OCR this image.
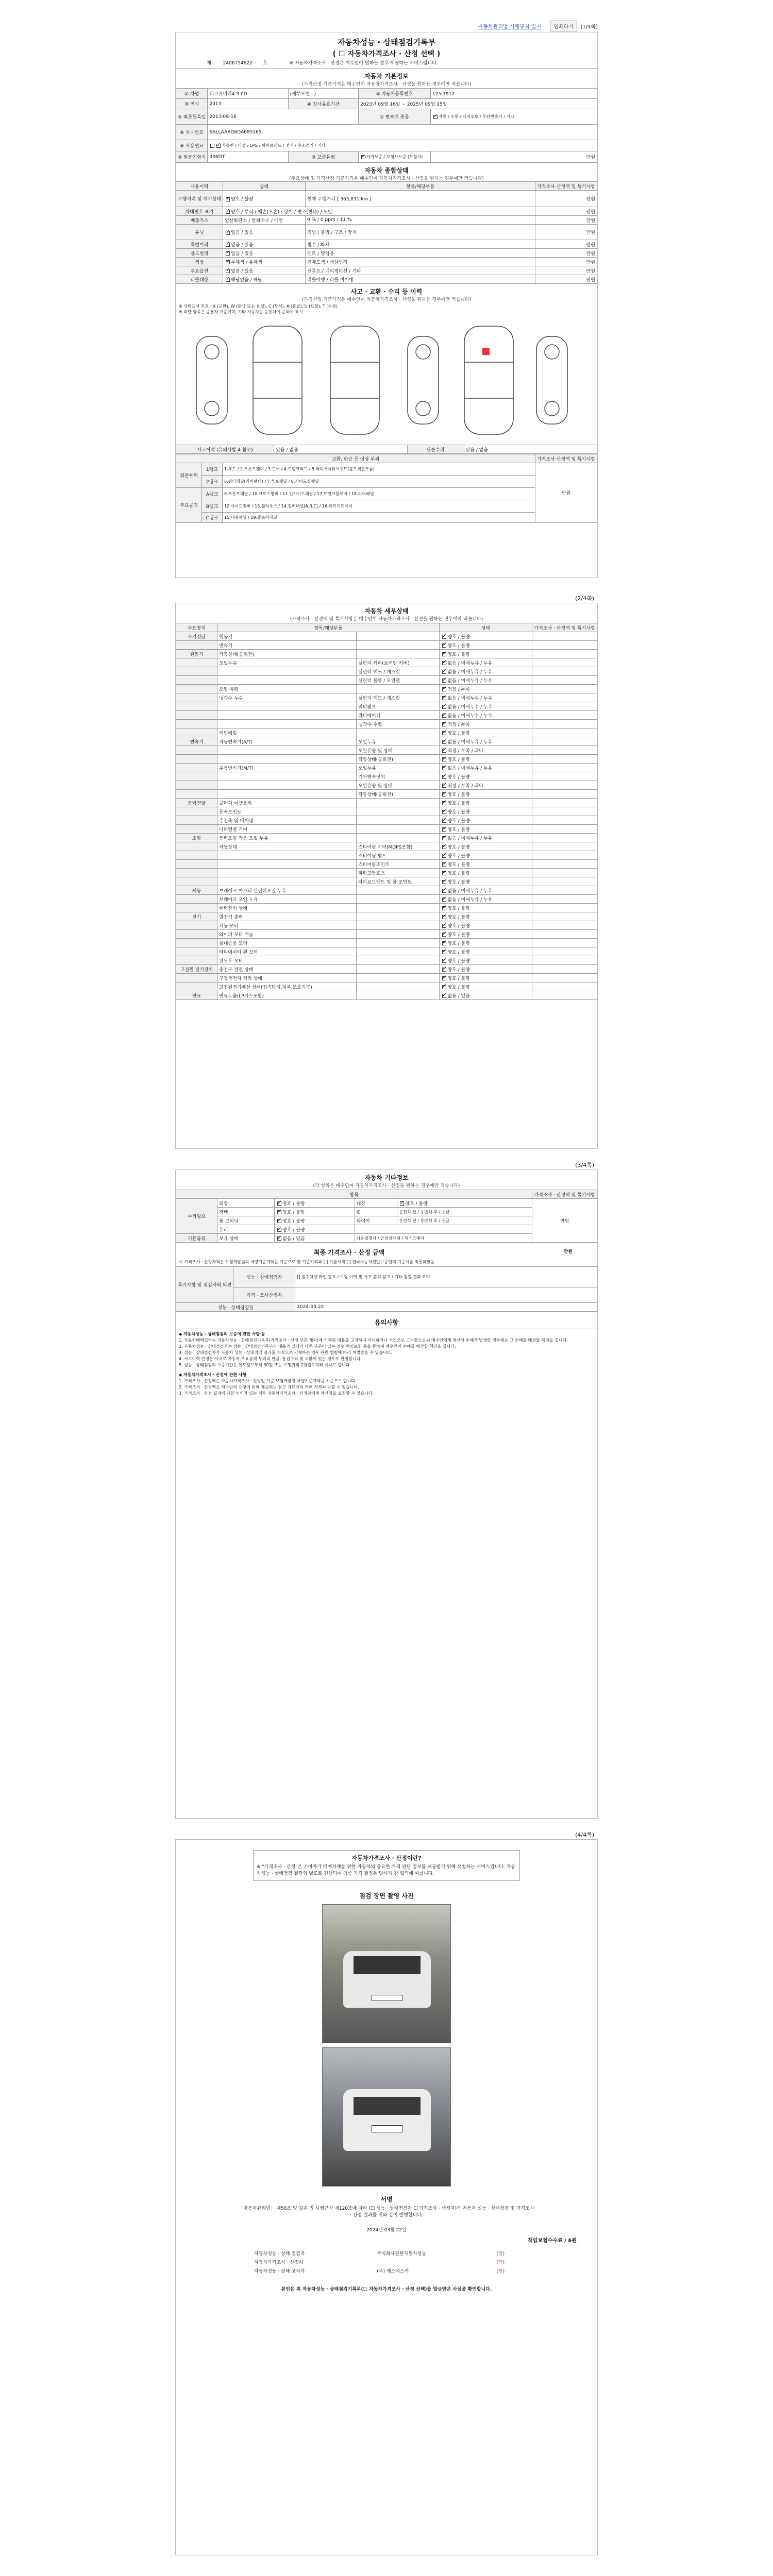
자동차관리법 시행규칙 별지	인쇄하기	(1/4쪽)
자동차성능 · 상태점검기록부
( ☐ 자동차가격조사 · 산정 선택 )
제	2406754622 호	※ 자동차가격조사 · 산정은 매수인이 원하는 경우 제공하는 서비스입니다.
자동차 기본정보
(가격산정 기준가격은 매수인이 자동차가격조사 · 산정을 원하는 경우에만 적습니다)
① 차명	디스커버리4 3.0D	(세부모델 : )	② 자동차등록번호	12도1912
③ 연식	2013	④ 검사유효기간	2023년 09월 16일 ~ 2025년 09월 15일	
⑤ 최초등록일	2013-09-16		⑦ 변속기 종류	✓자동 / 수동 / 세미오토 / 무단변속기 / 기타
⑥ 차대번호	SALLAAAG6DA685165			
⑧ 사용연료	✓가솔린 / 디젤 / LPG / 하이브리드 / 전기 / 수소전기 / 기타
⑨ 원동기형식	306DT	⑩ 보증유형	✓자가보증 / 보험사보증 (보험사)	만원
자동차 종합상태
(주요상태 및 가격산정 기준가격은 매수인이 자동차가격조사 · 산정을 원하는 경우에만 적습니다)
사용이력	상태	항목/해당부품	가격조사·산정액 및 특기사항
주행거리 및 계기상태	✓양호 / 불량	현재 주행거리 [ 363,831 km ]	만원
차대번호 표기	✓양호 / 부식 / 훼손(오손) / 상이 / 변조(변타) / 도말		만원
배출가스	일산화탄소 / 탄화수소 / 매연	0 % / 0 ppm / 11 %	만원
튜닝	✓없음 / 있음	적법 / 불법 / 구조 / 장치	만원
특별이력	✓없음 / 있음	침수 / 화재	만원
용도변경	✓없음 / 있음	렌트 / 영업용	만원
색상	✓무채색 / 유채색	전체도색 / 색상변경	만원
주요옵션	✓없음 / 있음	선루프 / 네비게이션 / 기타	만원
리콜대상	✓해당없음 / 해당	리콜이행 / 리콜 미이행	만원
사고 · 교환 · 수리 등 이력
(가격산정 기준가격은 매수인이 자동차가격조사 · 산정을 원하는 경우에만 적습니다)
※ 상태표시 부호 : X (교환), W (판금 또는 용접), C (부식), A (흠집), U (요철), T (손상)
※ 하단 항목은 승용차 기준이며, 기타 자동차는 승용차에 준하여 표시
사고이력 (유의사항 4 참조)	있음 / 없음	단순수리	있음 / 없음
교환, 판금 등 이상 부위			가격조사·산정액 및 특기사항
외판부위	1랭크	1.후드 / 2.프론트펜더 / 3.도어 / 4.트렁크리드 / 5.라디에이터서포트(볼트체결부품)	만원
	2랭크	6.쿼터패널(리어펜더) / 7.루프패널 / 8.사이드실패널	
주요골격	A랭크	9.프론트패널 / 10.크로스멤버 / 11.인사이드패널 / 17.트렁크플로어 / 18.리어패널	
	B랭크	12.사이드멤버 / 13.휠하우스 / 14.필러패널(A,B,C) / 16.패키지트레이	
	C랭크	15.대쉬패널 / 19.플로어패널	
(2/4쪽)
자동차 세부상태
(가격조사 · 산정액 및 특기사항은 매수인이 자동차가격조사 · 산정을 원하는 경우에만 적습니다)
주요장치	항목/해당부품		상태	가격조사 · 산정액 및 특기사항
자기진단	원동기		✓양호 / 불량	
	변속기		✓양호 / 불량	
원동기	작동상태(공회전)		✓양호 / 불량	
	오일누유	실린더 커버(로커암 커버)	✓없음 / 미세누유 / 누유	
		실린더 헤드 / 개스킷	✓없음 / 미세누유 / 누유	
		실린더 블록 / 오일팬	✓없음 / 미세누유 / 누유	
	오일 유량		✓적정 / 부족	
	냉각수 누수	실린더 헤드 / 개스킷	✓없음 / 미세누수 / 누수	
		워터펌프	✓없음 / 미세누수 / 누수	
		라디에이터	✓없음 / 미세누수 / 누수	
		냉각수 수량	✓적정 / 부족	
	커먼레일		✓양호 / 불량	
변속기	자동변속기(A/T)	오일누유	✓없음 / 미세누유 / 누유	
		오일유량 및 상태	✓적정 / 부족 / 과다	
		작동상태(공회전)	✓양호 / 불량	
	수동변속기(M/T)	오일누유	✓없음 / 미세누유 / 누유	
		기어변속장치	✓양호 / 불량	
		오일유량 및 상태	✓적정 / 부족 / 과다	
		작동상태(공회전)	✓양호 / 불량	
동력전달	클러치 어셈블리		✓양호 / 불량	
	등속조인트		✓양호 / 불량	
	추진축 및 베어링		✓양호 / 불량	
	디퍼렌셜 기어		✓양호 / 불량	
조향	동력조향 작동 오일 누유		✓없음 / 미세누유 / 누유	
	작동상태	스티어링 기어(MDPS포함)	✓양호 / 불량	
		스티어링 펌프	✓양호 / 불량	
		스티어링조인트	✓양호 / 불량	
		파워고압호스	✓양호 / 불량	
		타이로드엔드 및 볼 조인트	✓양호 / 불량	
제동	브레이크 마스터 실린더오일 누유		✓없음 / 미세누유 / 누유	
	브레이크 오일 누유		✓없음 / 미세누유 / 누유	
	배력장치 상태		✓양호 / 불량	
전기	발전기 출력		✓양호 / 불량	
	시동 모터		✓양호 / 불량	
	와이퍼 모터 기능		✓양호 / 불량	
	실내송풍 모터		✓양호 / 불량	
	라디에이터 팬 모터		✓양호 / 불량	
	윈도우 모터		✓양호 / 불량	
고전원 전기장치	충전구 절연 상태		✓양호 / 불량	
	구동축전지 격리 상태		✓양호 / 불량	
	고전원전기배선 상태(접속단자,피복,보호기구)		✓양호 / 불량	
연료	연료누출(LP가스포함)		✓없음 / 있음	
(3/4쪽)
자동차 기타정보
(각 항목은 매수인이 자동차가격조사 · 산정을 원하는 경우에만 적습니다)
항목					가격조사 · 산정액 및 특기사항
수리필요	외장	✓양호 / 불량	내장	✓양호 / 불량	만원
	광택	✓양호 / 불량	휠	운전석 전 / 동반석 후 / 응급	
	룸 크리닝	✓양호 / 불량	타이어	운전석 전 / 동반석 후 / 응급	
	유리	✓양호 / 불량	
기본품목	보유 상태	✓없음 / 있음	사용설명서 / 안전삼각대 / 잭 / 스패너		
최종 가격조사 · 산정 금액	만원
이 가격조사 · 산정가격은 보험개발원의 차량기준가액을 기준으로 한 기준가격과 [ ] 기술사회 [ ] 한국자동차진단보증협회 기준서를 적용하였음
특기사항 및 점검자의 의견	성능 · 상태점검자	[] 침수차량 확인 필요 / 보험 이력 및 사고 흔적 참고 / 기타 점검 결과 요약
	가격 · 조사산정자	
성능 · 상태점검일		2024-03-22
유의사항

◆ 자동차성능 · 상태점검의 보증에 관한 사항 등

1. 자동차매매업자는 자동차성능 · 상태점검기록부(가격조사 · 산정 부분 제외)에 기재된 내용을 고지하지 아니하거나 거짓으로 고지함으로써 매수인에게 재산상 손해가 발생한 경우에는 그 손해를 배상할 책임을 집니다.

2. 자동차성능 · 상태점검자는 성능 · 상태점검기록부의 내용과 실제가 다른 부분이 있는 경우 책임보험 등을 통하여 매수인의 손해를 배상할 책임을 집니다.

3. 성능 · 상태점검자가 자동차 성능 · 상태점검 결과를 거짓으로 기재하는 경우 관련 법령에 따라 처벌받을 수 있습니다.

4. 사고이력 인정은 사고로 자동차 주요골격 부위의 판금, 용접수리 및 교환이 있는 경우로 한정합니다.

5. 성능 · 상태점검의 보증기간은 인도일로부터 30일 또는 주행거리 2천킬로미터 이내로 합니다.

◆ 자동차가격조사 · 산정에 관한 사항

1. 가격조사 · 산정액은 자동차가격조사 · 산정일 기준 보험개발원 차량기준가액을 기준으로 합니다.

2. 가격조사 · 산정액은 매수인의 요청에 의해 제공되는 참고 자료이며 거래 가격과 다를 수 있습니다.

3. 가격조사 · 산정 결과에 대한 이의가 있는 경우 자동차가격조사 · 산정자에게 재산정을 요청할 수 있습니다.

(4/4쪽)
자동차가격조사 · 산정이란?
※ "가격조사 · 산정"은 소비자가 매매거래를 위한 자동차의 중요한 가격 판단 정보를 제공받기 위해 요청하는 서비스입니다. 자동차성능 · 상태점검 결과와 별도로 진행되며 최종 가격 결정은 당사자 간 협의에 따릅니다.
점검 장면 촬영 사진
서명
「자동차관리법」 제58조 및 같은 법 시행규칙 제120조에 따라 (☐ 성능 · 상태점검자 ☐ 가격조사 · 산정자)가 자동차 성능 · 상태점검 및 가격조사 · 산정 결과를 위와 같이 발행합니다.
2024년 03월 22일
책임보험수수료 / 6원
자동차성능 · 상태 점검자	주식회사진한자동차성능	(인)
자동차가격조사 · 산정자		(인)
자동차성능 · 상태 고지자	(주) 에스에스카	(인)
본인은 위 자동차성능 · 상태점검기록부(☐ 자동차가격조사 · 산정 선택)를 발급받은 사실을 확인합니다.
